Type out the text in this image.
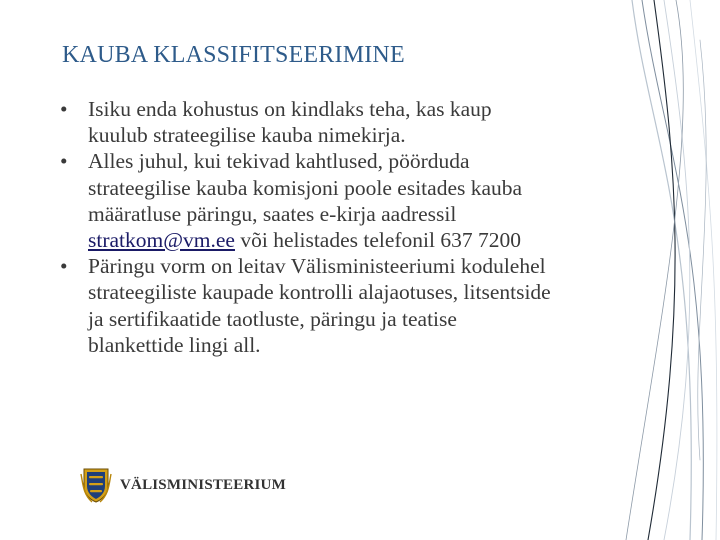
KAUBA KLASSIFITSEERIMINE
• Isiku enda kohustus on kindlaks teha, kas kaup
kuulub strateegilise kauba nimekirja.
• Alles juhul, kui tekivad kahtlused, pöörduda
strateegilise kauba komisjoni poole esitades kauba
määratluse päringu, saates e-kirja aadressil
stratkom@vm.ee või helistades telefonil 637 7200
• Päringu vorm on leitav Välisministeeriumi kodulehel
strateegiliste kaupade kontrolli alajaotuses, litsentside
ja sertifikaatide taotluste, päringu ja teatise
blankettide lingi all.
VÄLISMINISTEERIUM
